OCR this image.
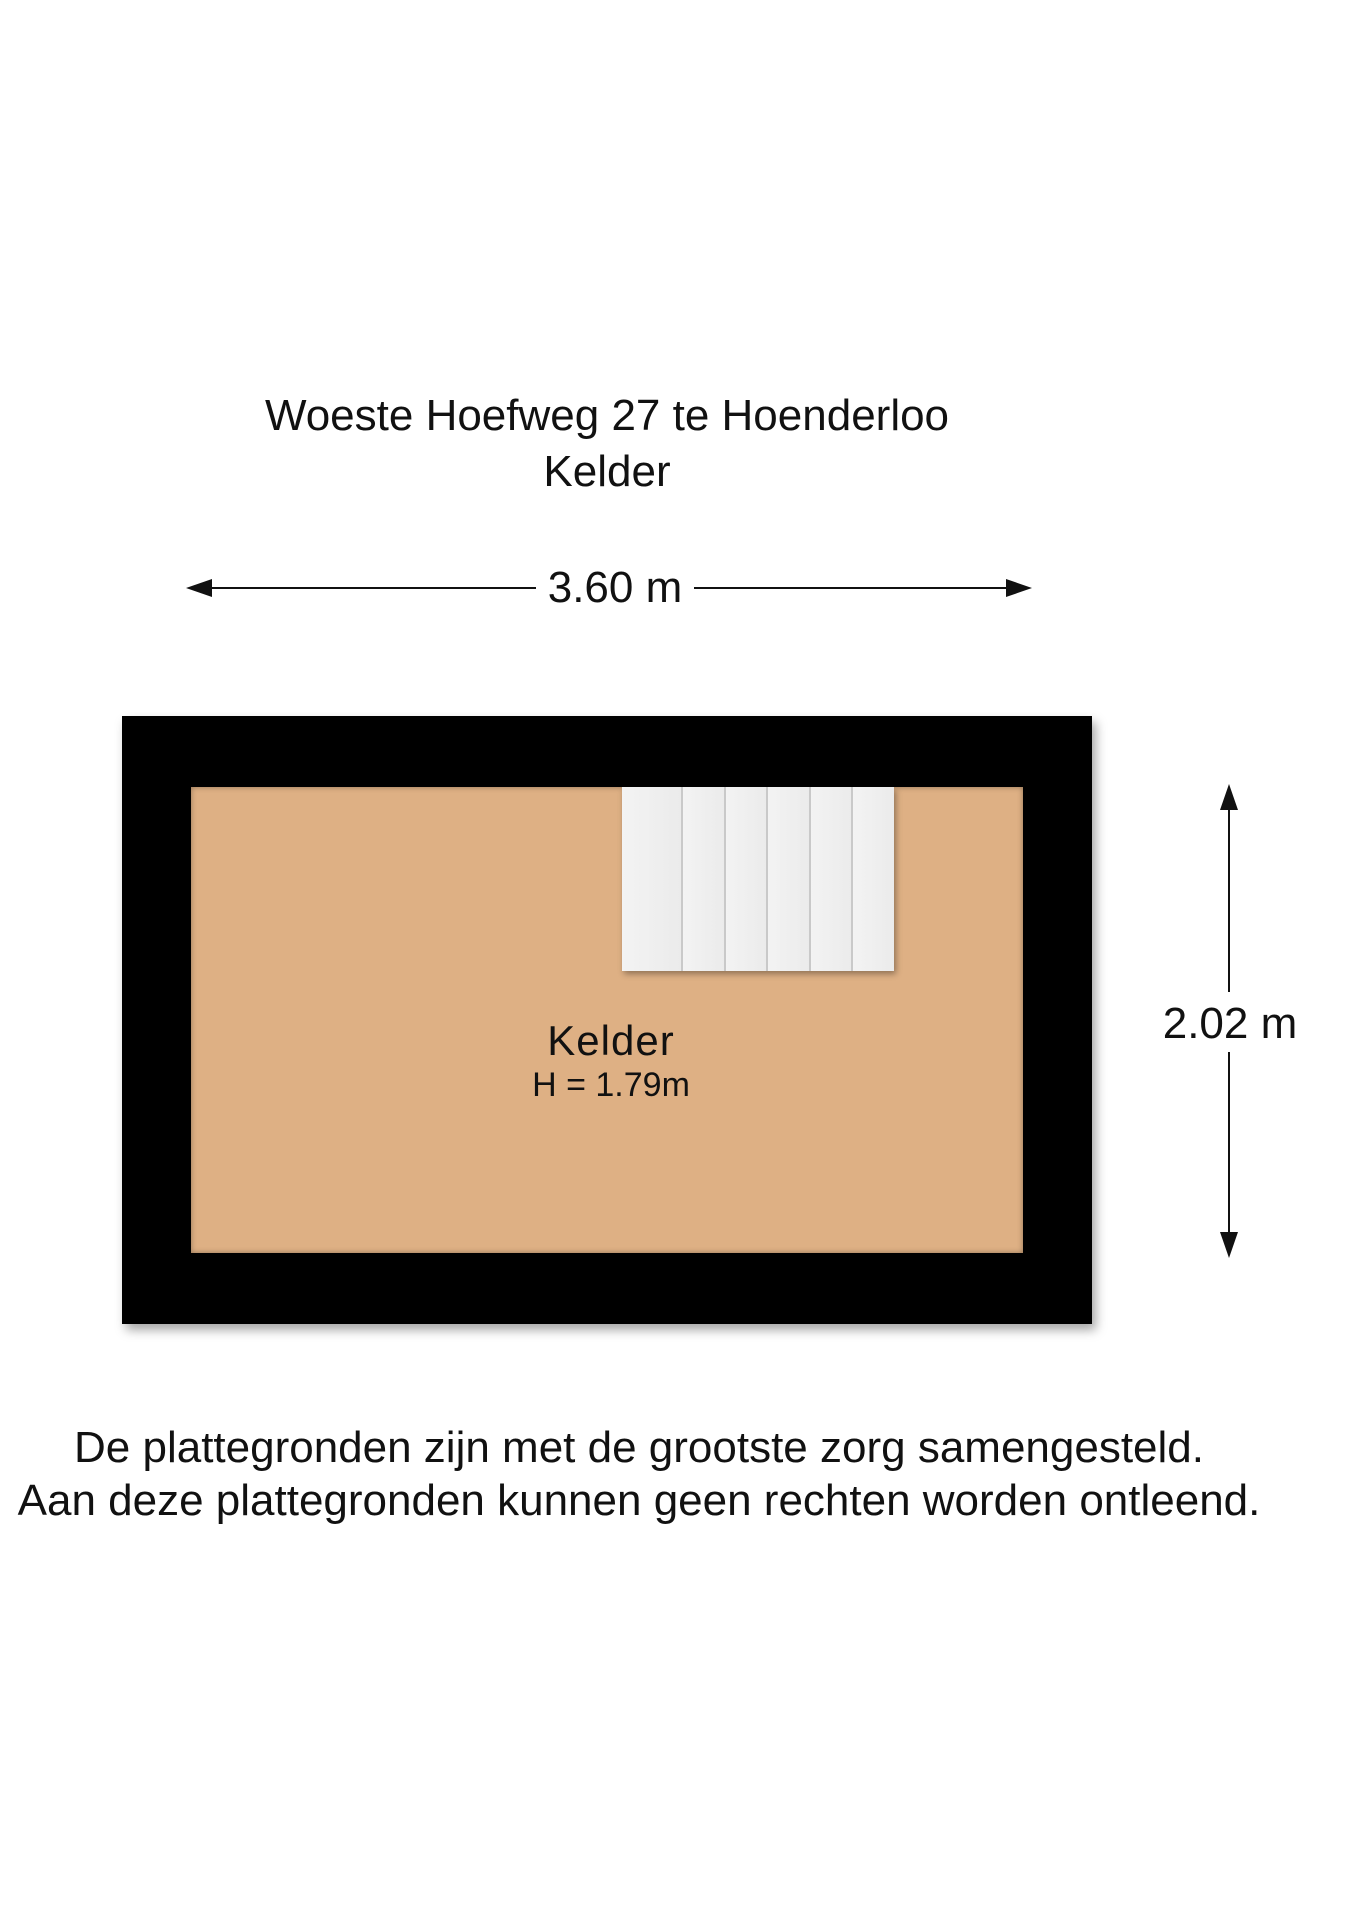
Woeste Hoefweg 27 te Hoenderloo
Kelder
3.60 m
Kelder
H = 1.79m
2.02 m
De plattegronden zijn met de grootste zorg samengesteld.
Aan deze plattegronden kunnen geen rechten worden ontleend.
